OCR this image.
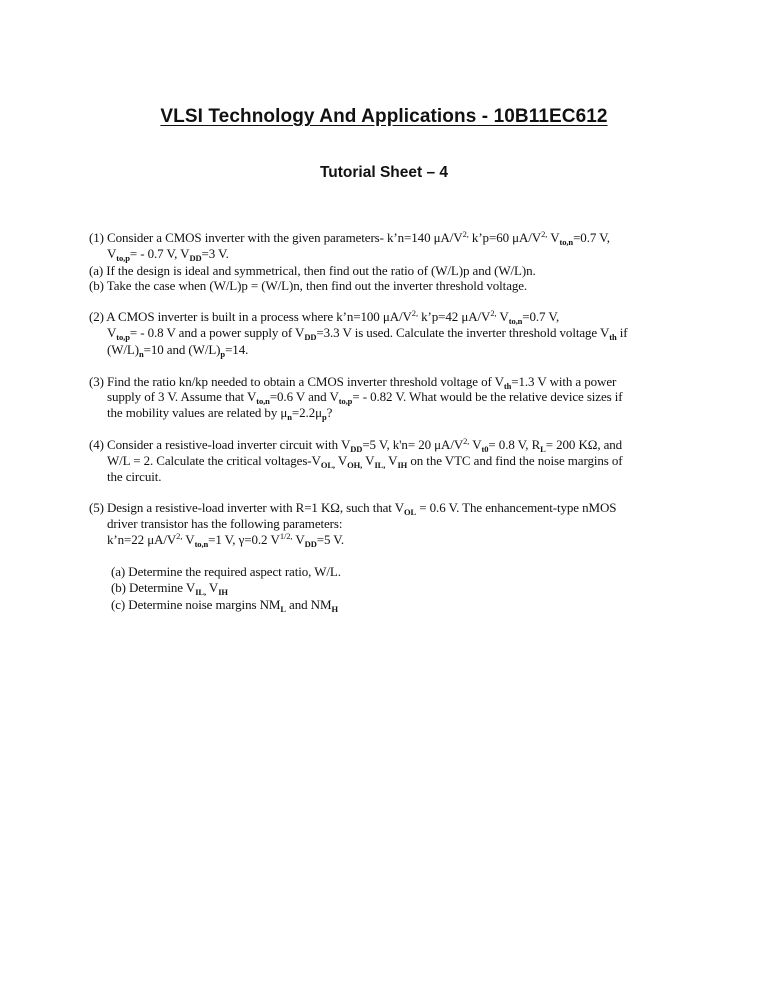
VLSI Technology And Applications - 10B11EC612
Tutorial Sheet – 4
(1) Consider a CMOS inverter with the given parameters- k’n=140 $\mu A/V^{2,}$ k’p=60 $\mu A/V^{2,}$ $V_{to,n}=0.7$ V,
$V_{to,p}= - 0.7$ V, $V_{DD}=3$ V.
(a) If the design is ideal and symmetrical, then find out the ratio of (W/L)p and (W/L)n.
(b) Take the case when (W/L)p = (W/L)n, then find out the inverter threshold voltage.
(2) A CMOS inverter is built in a process where k’n=100 $\mu A/V^{2,}$ k’p=42 $\mu A/V^{2,}$ $V_{to,n}=0.7$ V,
$V_{to,p}= - 0.8$ V and a power supply of $V_{DD}=3.3$ V is used. Calculate the inverter threshold voltage $V_{th}$ if
$(W/L)_n=10$ and $(W/L)_p=14$.
(3) Find the ratio kn/kp needed to obtain a CMOS inverter threshold voltage of $V_{th}=1.3$ V with a power
supply of 3 V. Assume that $V_{to,n}=0.6$ V and $V_{to,p}= - 0.82$ V. What would be the relative device sizes if
the mobility values are related by $\mu_n=2.2\mu_p$?
(4) Consider a resistive-load inverter circuit with $V_{DD}=5$ V, k'n= 20 $\mu A/V^{2,}$ $V_{t0}= 0.8$ V, $R_L= 200$ KΩ, and
W/L = 2. Calculate the critical voltages-$V_{OL,}$ $V_{OH,}$ $V_{IL,}$ $V_{IH}$ on the VTC and find the noise margins of
the circuit.
(5) Design a resistive-load inverter with R=1 KΩ, such that $V_{OL} = 0.6$ V. The enhancement-type nMOS
driver transistor has the following parameters:
k’n=22 $\mu A/V^{2,}$ $V_{to,n}=1$ V, γ=0.2 $V^{1/2,}$ $V_{DD}=5$ V.
(a) Determine the required aspect ratio, W/L.
(b) Determine $V_{IL,}$ $V_{IH}$
(c) Determine noise margins $NM_L$ and $NM_H$
